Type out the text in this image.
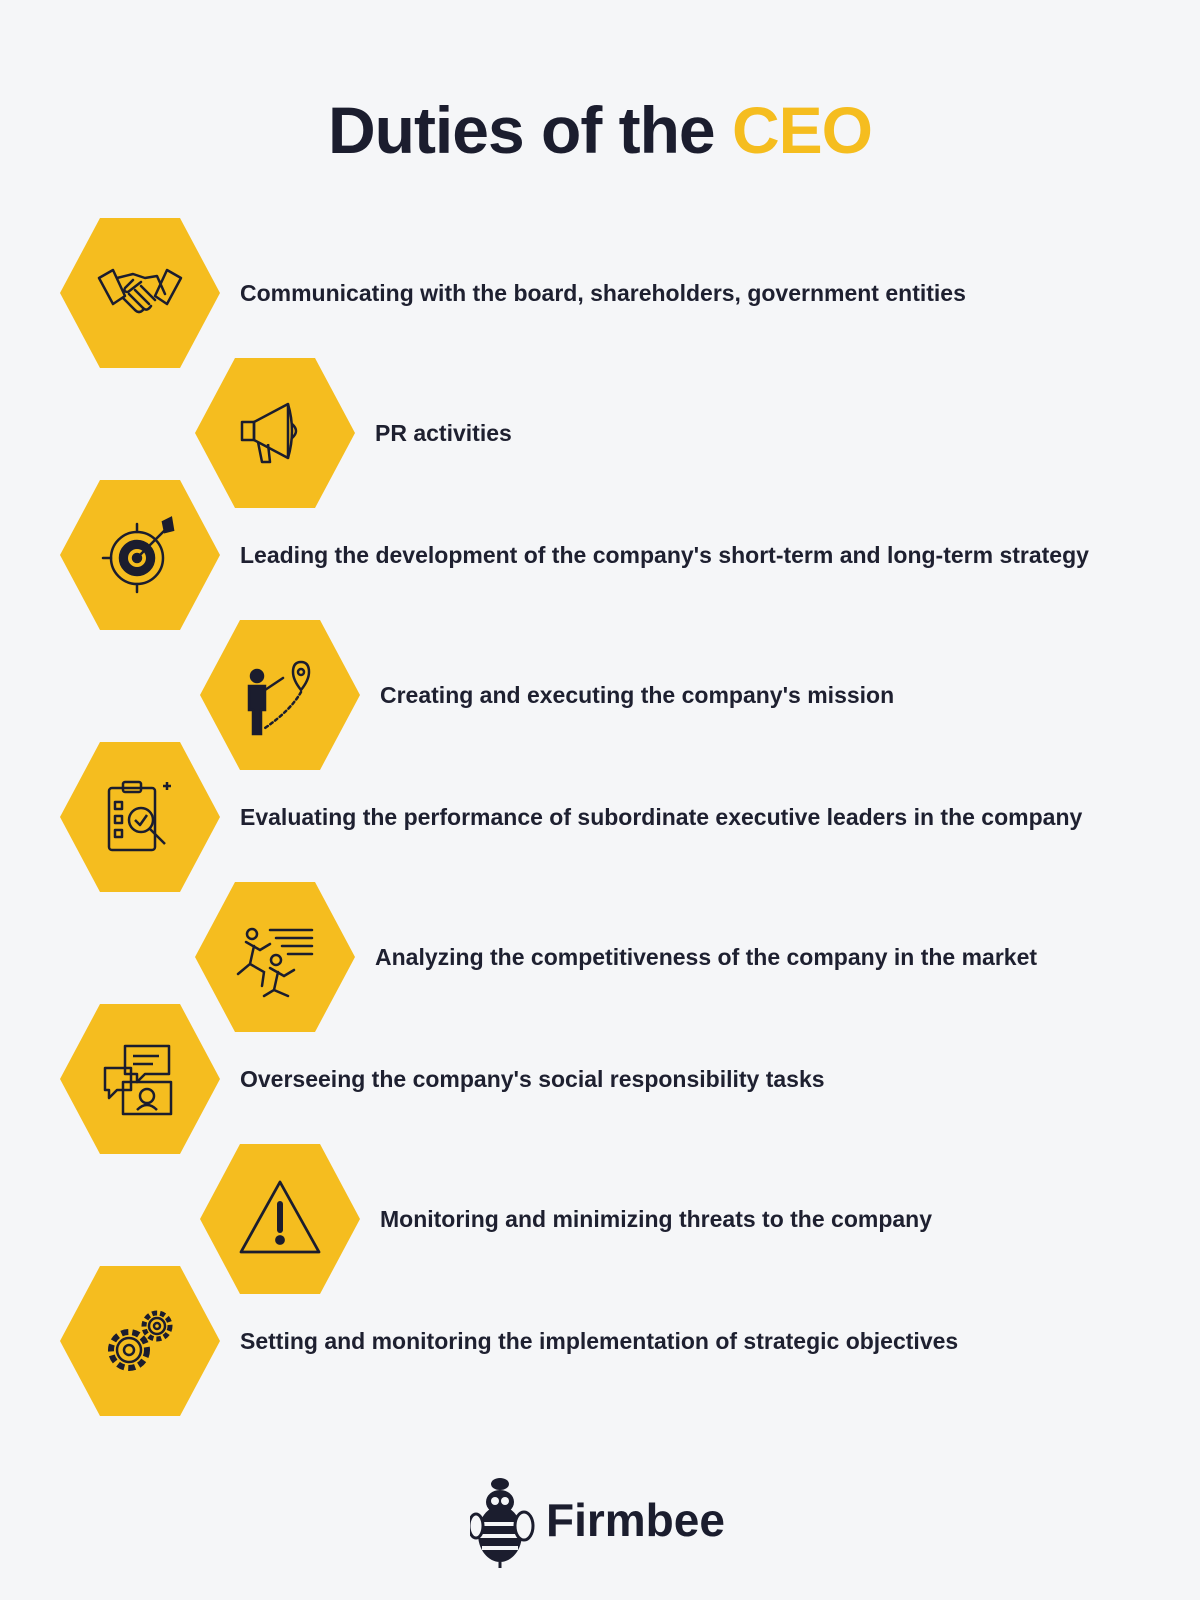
Duties of the CEO
Communicating with the board, shareholders, government entities
PR activities
Leading the development of the company's short-term and long-term strategy
Creating and executing the company's mission
Evaluating the performance of subordinate executive leaders in the company
Analyzing the competitiveness of the company in the market
Overseeing the company's social responsibility tasks
Monitoring and minimizing threats to the company
Setting and monitoring the implementation of strategic objectives
Firmbee
